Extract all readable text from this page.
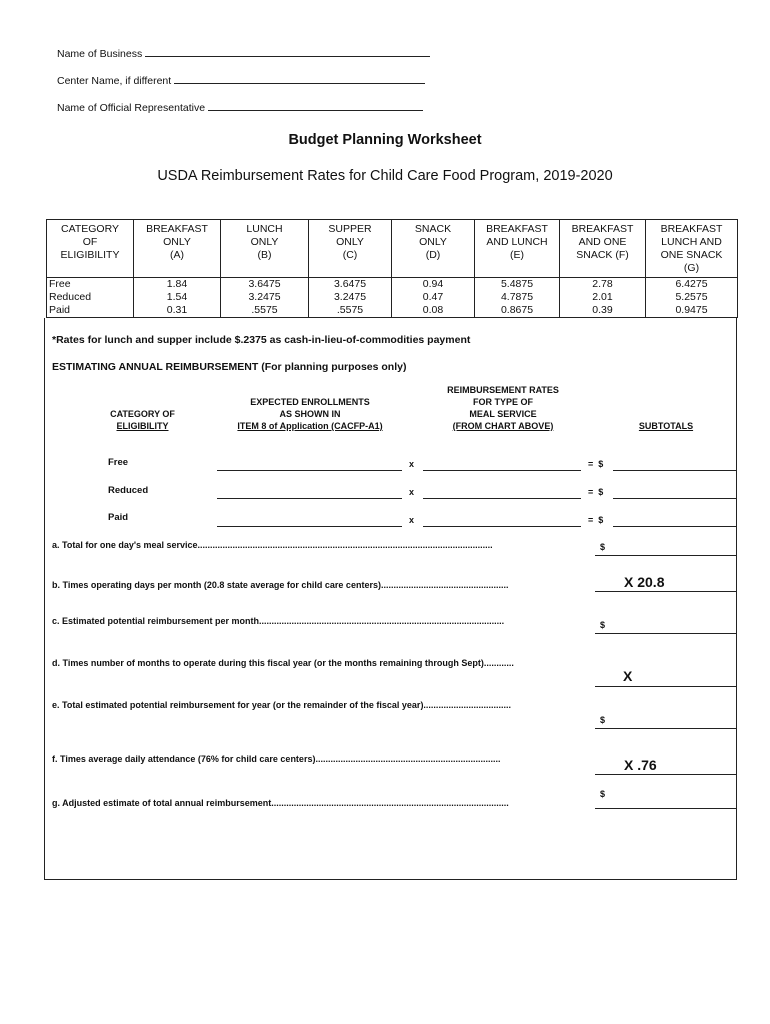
Name of Business
Center Name, if different
Name of Official Representative
Budget Planning Worksheet
USDA Reimbursement Rates for Child Care Food Program, 2019-2020
CATEGORY
OF
ELIGIBILITY	BREAKFAST
ONLY
(A)	LUNCH
ONLY
(B)	SUPPER
ONLY
(C)	SNACK
ONLY
(D)	BREAKFAST
AND LUNCH
(E)	BREAKFAST
AND ONE
SNACK (F)	BREAKFAST
LUNCH AND
ONE SNACK
(G)
Free	1.84	3.6475	3.6475	0.94	5.4875	2.78	6.4275
Reduced	1.54	3.2475	3.2475	0.47	4.7875	2.01	5.2575
Paid	0.31	.5575	.5575	0.08	0.8675	0.39	0.9475
*Rates for lunch and supper include $.2375 as cash-in-lieu-of-commodities payment
ESTIMATING ANNUAL REIMBURSEMENT (For planning purposes only)
CATEGORY OF
ELIGIBILITY
EXPECTED ENROLLMENTS
AS SHOWN IN
ITEM 8 of Application (CACFP-A1)
REIMBURSEMENT RATES
FOR TYPE OF
MEAL SERVICE
(FROM CHART ABOVE)	SUBTOTALS
Free	x	=  $
Reduced	x	=  $
Paid	x	=  $
a. Total for one day's meal service......................................................................................................................	$
b. Times operating days per month (20.8 state average for child care centers)...................................................	X 20.8
c. Estimated potential reimbursement per month..................................................................................................	$
d. Times number of months to operate during this fiscal year (or the months remaining through Sept)............
X
e. Total estimated potential reimbursement for year (or the remainder of the fiscal year)...................................
$
f. Times average daily attendance (76% for child care centers)..........................................................................	X .76
g. Adjusted estimate of total annual reimbursement...............................................................................................
$
